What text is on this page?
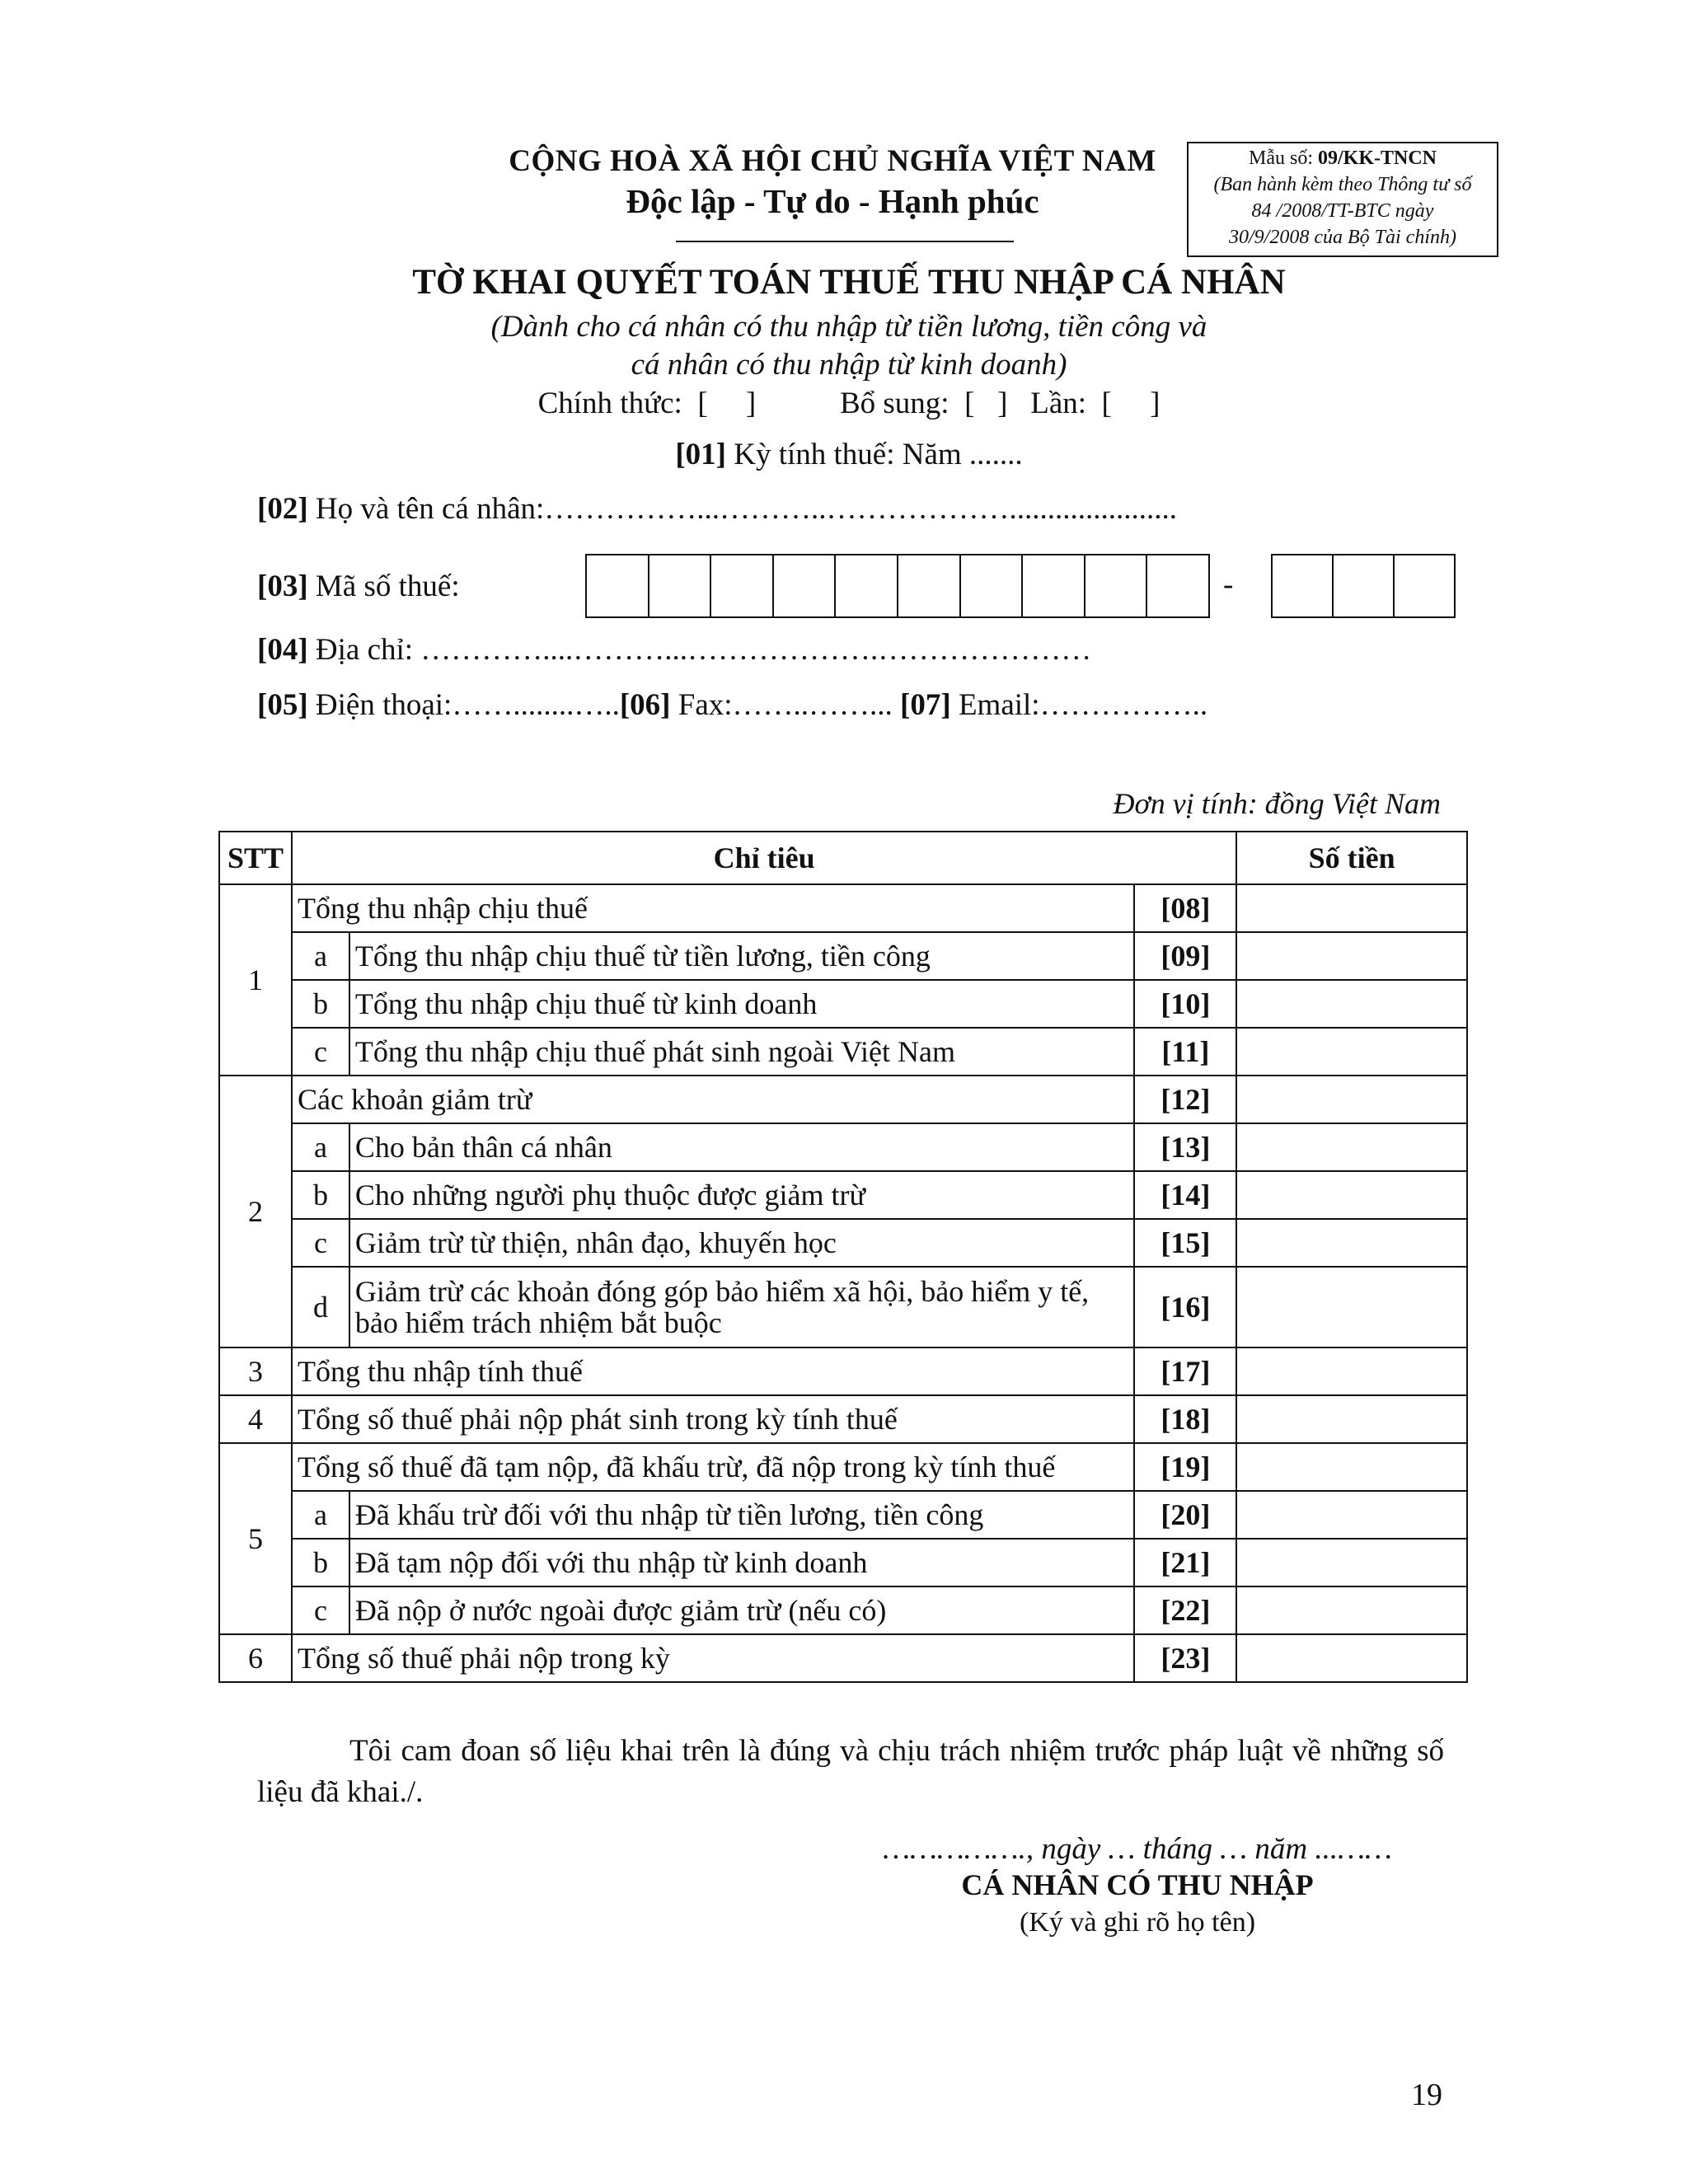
CỘNG HOÀ XÃ HỘI CHỦ NGHĨA VIỆT NAM
Độc lập - Tự do - Hạnh phúc
Mẫu số: 09/KK-TNCN
(Ban hành kèm theo Thông tư số
84 /2008/TT-BTC ngày
30/9/2008 của Bộ Tài chính)
TỜ KHAI QUYẾT TOÁN THUẾ THU NHẬP CÁ NHÂN
(Dành cho cá nhân có thu nhập từ tiền lương, tiền công và
cá nhân có thu nhập từ kinh doanh)
Chính thức:  [     ]           Bổ sung:  [   ]   Lần:  [     ]
[01] Kỳ tính thuế: Năm .......
[02] Họ và tên cá nhân:……………...………..………………......................
[03] Mã số thuế:	-
[04] Địa chỉ: …………....………...……………….…………………
[05] Điện thoại:……........…..[06] Fax:……..……... [07] Email:……………..
Đơn vị tính: đồng Việt Nam
STT	Chỉ tiêu			Số tiền
1	Tổng thu nhập chịu thuế		[08]	
	a	Tổng thu nhập chịu thuế từ tiền lương, tiền công	[09]	
	b	Tổng thu nhập chịu thuế từ kinh doanh	[10]	
	c	Tổng thu nhập chịu thuế phát sinh ngoài Việt Nam	[11]	
2	Các khoản giảm trừ		[12]	
	a	Cho bản thân cá nhân	[13]	
	b	Cho những người phụ thuộc được giảm trừ	[14]	
	c	Giảm trừ từ thiện, nhân đạo, khuyến học	[15]	
	d	Giảm trừ các khoản đóng góp bảo hiểm xã hội, bảo hiểm y tế, bảo hiểm trách nhiệm bắt buộc	[16]	
3	Tổng thu nhập tính thuế		[17]	
4	Tổng số thuế phải nộp phát sinh trong kỳ tính thuế		[18]	
5	Tổng số thuế đã tạm nộp, đã khấu trừ, đã nộp trong kỳ tính thuế		[19]	
	a	Đã khấu trừ đối với thu nhập từ tiền lương, tiền công	[20]	
	b	Đã tạm nộp đối với thu nhập từ kinh doanh	[21]	
	c	Đã nộp ở nước ngoài được giảm trừ (nếu có)	[22]	
6	Tổng số thuế phải nộp trong kỳ		[23]	
Tôi cam đoan số liệu khai trên là đúng và chịu trách nhiệm trước pháp luật về những số liệu đã khai./.
……………., ngày … tháng … năm ...……
CÁ NHÂN CÓ THU NHẬP
(Ký và ghi rõ họ tên)
19
